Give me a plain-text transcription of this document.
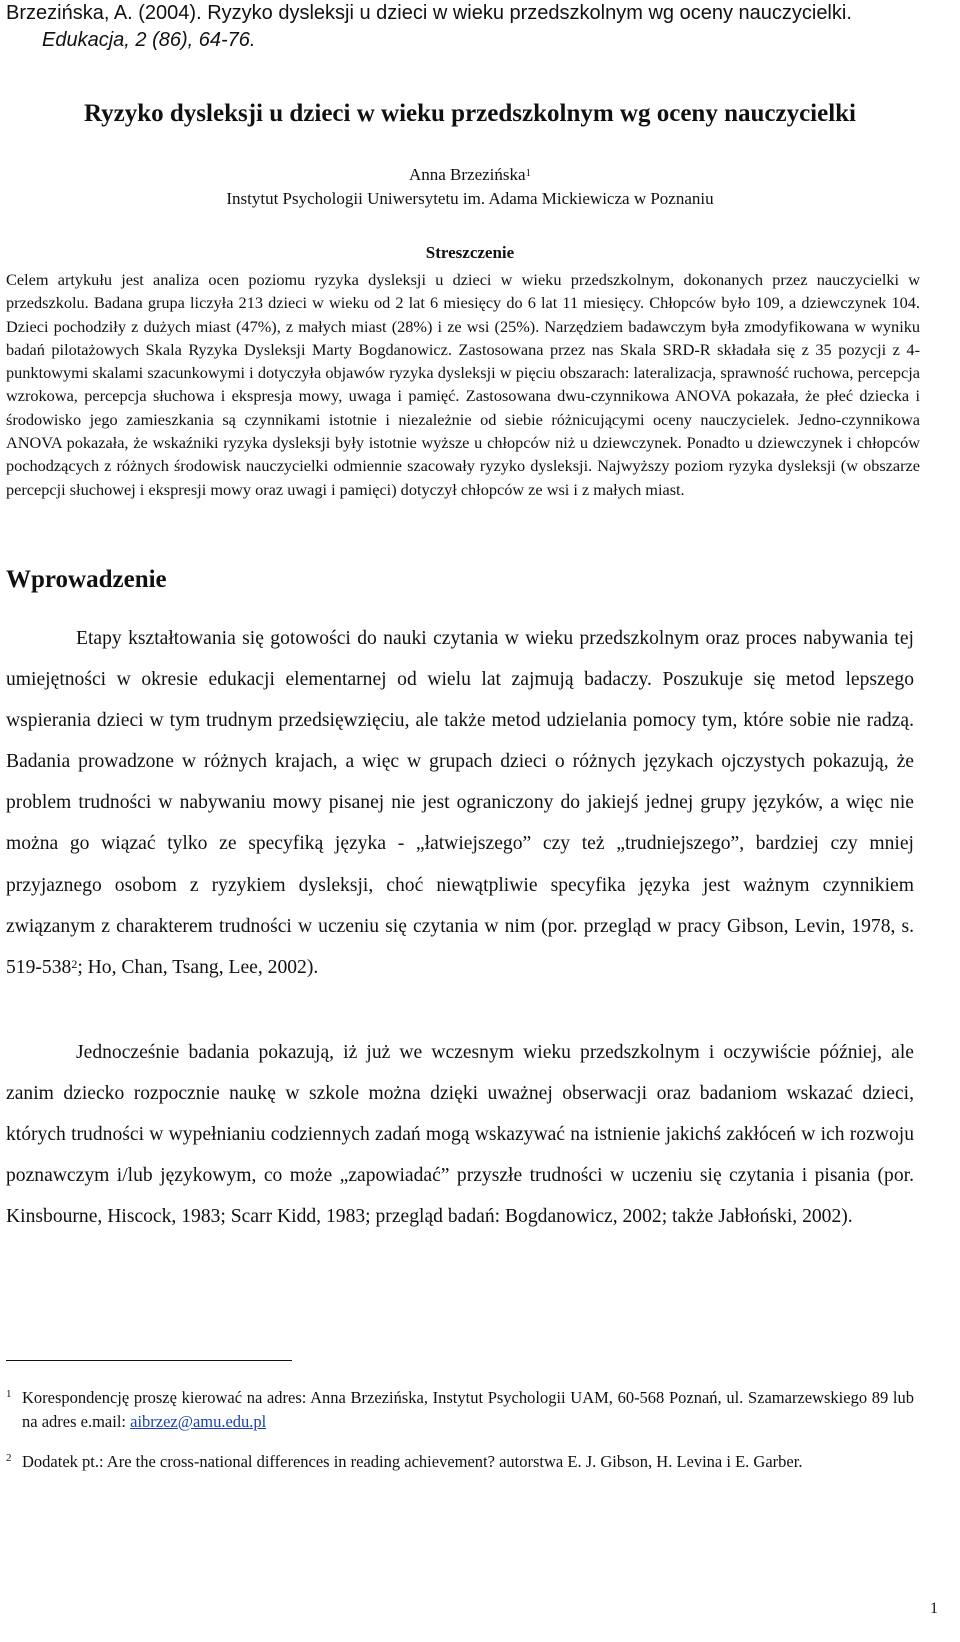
Brzezińska, A. (2004). Ryzyko dysleksji u dzieci w wieku przedszkolnym wg oceny nauczycielki.
Edukacja, 2 (86), 64-76.
Ryzyko dysleksji u dzieci w wieku przedszkolnym wg oceny nauczycielki
Anna Brzezińska$^1$
Instytut Psychologii Uniwersytetu im. Adama Mickiewicza w Poznaniu
Streszczenie
Celem artykułu jest analiza ocen poziomu ryzyka dysleksji u dzieci w wieku przedszkolnym, dokonanych przez nauczycielki w przedszkolu. Badana grupa liczyła 213 dzieci w wieku od 2 lat 6 miesięcy do 6 lat 11 miesięcy. Chłopców było 109, a dziewczynek 104. Dzieci pochodziły z dużych miast (47%), z małych miast (28%) i ze wsi (25%). Narzędziem badawczym była zmodyfikowana w wyniku badań pilotażowych Skala Ryzyka Dysleksji Marty Bogdanowicz. Zastosowana przez nas Skala SRD-R składała się z 35 pozycji z 4-punktowymi skalami szacunkowymi i dotyczyła objawów ryzyka dysleksji w pięciu obszarach: lateralizacja, sprawność ruchowa, percepcja wzrokowa, percepcja słuchowa i ekspresja mowy, uwaga i pamięć. Zastosowana dwu-czynnikowa ANOVA pokazała, że płeć dziecka i środowisko jego zamieszkania są czynnikami istotnie i niezależnie od siebie różnicującymi oceny nauczycielek. Jedno-czynnikowa ANOVA pokazała, że wskaźniki ryzyka dysleksji były istotnie wyższe u chłopców niż u dziewczynek. Ponadto u dziewczynek i chłopców pochodzących z różnych środowisk nauczycielki odmiennie szacowały ryzyko dysleksji. Najwyższy poziom ryzyka dysleksji (w obszarze percepcji słuchowej i ekspresji mowy oraz uwagi i pamięci) dotyczył chłopców ze wsi i z małych miast.
Wprowadzenie

Etapy kształtowania się gotowości do nauki czytania w wieku przedszkolnym oraz proces nabywania tej umiejętności w okresie edukacji elementarnej od wielu lat zajmują badaczy. Poszukuje się metod lepszego wspierania dzieci w tym trudnym przedsięwzięciu, ale także metod udzielania pomocy tym, które sobie nie radzą. Badania prowadzone w różnych krajach, a więc w grupach dzieci o różnych językach ojczystych pokazują, że problem trudności w nabywaniu mowy pisanej nie jest ograniczony do jakiejś jednej grupy języków, a więc nie można go wiązać tylko ze specyfiką języka - „łatwiejszego” czy też „trudniejszego”, bardziej czy mniej przyjaznego osobom z ryzykiem dysleksji, choć niewątpliwie specyfika języka jest ważnym czynnikiem związanym z charakterem trudności w uczeniu się czytania w nim (por. przegląd w pracy Gibson, Levin, 1978, s. $519-538^2$; Ho, Chan, Tsang, Lee, 2002).

Jednocześnie badania pokazują, iż już we wczesnym wieku przedszkolnym i oczywiście później, ale zanim dziecko rozpocznie naukę w szkole można dzięki uważnej obserwacji oraz badaniom wskazać dzieci, których trudności w wypełnianiu codziennych zadań mogą wskazywać na istnienie jakichś zakłóceń w ich rozwoju poznawczym i/lub językowym, co może „zapowiadać” przyszłe trudności w uczeniu się czytania i pisania (por. Kinsbourne, Hiscock, 1983; Scarr Kidd, 1983; przegląd badań: Bogdanowicz, 2002; także Jabłoński, 2002).

1 Korespondencję proszę kierować na adres: Anna Brzezińska, Instytut Psychologii UAM, 60-568 Poznań, ul. Szamarzewskiego 89 lub na adres e.mail: aibrzez@amu.edu.pl
2 Dodatek pt.: Are the cross-national differences in reading achievement? autorstwa E. J. Gibson, H. Levina i E. Garber.
1
